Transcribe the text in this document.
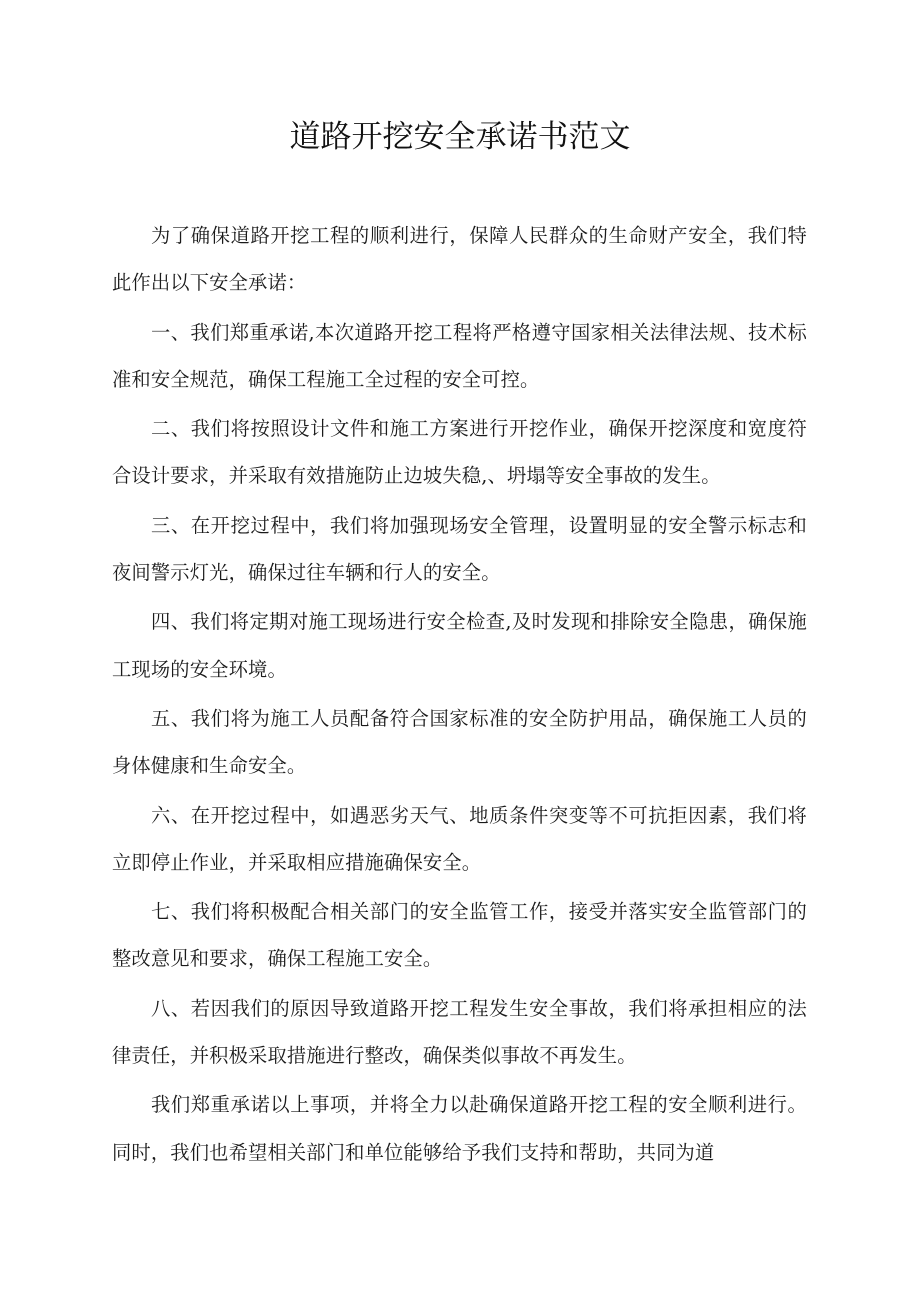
道路开挖安全承诺书范文

为了确保道路开挖工程的顺利进行，保障人民群众的生命财产安全，我们特此作出以下安全承诺：

一、我们郑重承诺,本次道路开挖工程将严格遵守国家相关法律法规、技术标准和安全规范，确保工程施工全过程的安全可控。

二、我们将按照设计文件和施工方案进行开挖作业，确保开挖深度和宽度符合设计要求，并采取有效措施防止边坡失稳,、坍塌等安全事故的发生。

三、在开挖过程中，我们将加强现场安全管理，设置明显的安全警示标志和夜间警示灯光，确保过往车辆和行人的安全。

四、我们将定期对施工现场进行安全检查,及时发现和排除安全隐患，确保施工现场的安全环境。

五、我们将为施工人员配备符合国家标准的安全防护用品，确保施工人员的身体健康和生命安全。

六、在开挖过程中，如遇恶劣天气、地质条件突变等不可抗拒因素，我们将立即停止作业，并采取相应措施确保安全。

七、我们将积极配合相关部门的安全监管工作，接受并落实安全监管部门的整改意见和要求，确保工程施工安全。

八、若因我们的原因导致道路开挖工程发生安全事故，我们将承担相应的法律责任，并积极采取措施进行整改，确保类似事故不再发生。

我们郑重承诺以上事项，并将全力以赴确保道路开挖工程的安全顺利进行。同时，我们也希望相关部门和单位能够给予我们支持和帮助，共同为道
